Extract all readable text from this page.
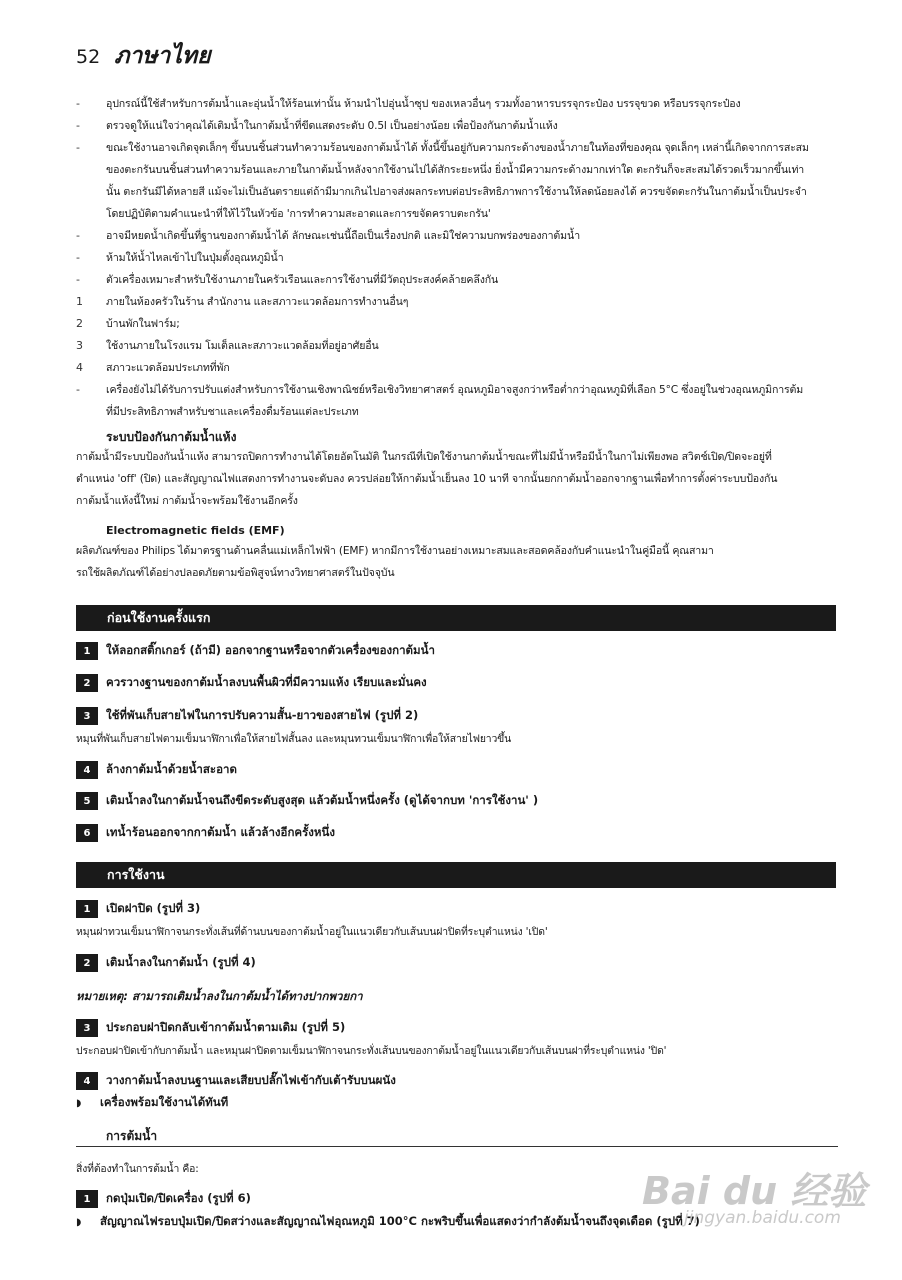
52 ภาษาไทย
-	อุปกรณ์นี้ใช้สำหรับการต้มน้ำและอุ่นน้ำให้ร้อนเท่านั้น ห้ามนำไปอุ่นน้ำซุป ของเหลวอื่นๆ รวมทั้งอาหารบรรจุกระป๋อง บรรจุขวด หรือบรรจุกระป๋อง
-	ตรวจดูให้แน่ใจว่าคุณได้เติมน้ำในกาต้มน้ำที่ขีดแสดงระดับ 0.5l เป็นอย่างน้อย เพื่อป้องกันกาต้มน้ำแห้ง
-	ขณะใช้งานอาจเกิดจุดเล็กๆ ขึ้นบนชิ้นส่วนทำความร้อนของกาต้มน้ำได้ ทั้งนี้ขึ้นอยู่กับความกระด้างของน้ำภายในท้องที่ของคุณ จุดเล็กๆ เหล่านี้เกิดจากการสะสม
ของตะกรันบนชิ้นส่วนทำความร้อนและภายในกาต้มน้ำหลังจากใช้งานไปได้สักระยะหนึ่ง ยิ่งน้ำมีความกระด้างมากเท่าใด ตะกรันก็จะสะสมได้รวดเร็วมากขึ้นเท่า
นั้น ตะกรันมีได้หลายสี แม้จะไม่เป็นอันตรายแต่ถ้ามีมากเกินไปอาจส่งผลกระทบต่อประสิทธิภาพการใช้งานให้ลดน้อยลงได้ ควรขจัดตะกรันในกาต้มน้ำเป็นประจำ
โดยปฏิบัติตามคำแนะนำที่ให้ไว้ในหัวข้อ 'การทำความสะอาดและการขจัดคราบตะกรัน'
-	อาจมีหยดน้ำเกิดขึ้นที่ฐานของกาต้มน้ำได้ ลักษณะเช่นนี้ถือเป็นเรื่องปกติ และมิใช่ความบกพร่องของกาต้มน้ำ
-	ห้ามให้น้ำไหลเข้าไปในปุ่มตั้งอุณหภูมิน้ำ
-	ตัวเครื่องเหมาะสำหรับใช้งานภายในครัวเรือนและการใช้งานที่มีวัตถุประสงค์คล้ายคลึงกัน
1 ภายในห้องครัวในร้าน สำนักงาน และสภาวะแวดล้อมการทำงานอื่นๆ
2 บ้านพักในฟาร์ม;
3 ใช้งานภายในโรงแรม โมเต็ลและสภาวะแวดล้อมที่อยู่อาศัยอื่น
4 สภาวะแวดล้อมประเภทที่พัก
-	เครื่องยังไม่ได้รับการปรับแต่งสำหรับการใช้งานเชิงพาณิชย์หรือเชิงวิทยาศาสตร์ อุณหภูมิอาจสูงกว่าหรือต่ำกว่าอุณหภูมิที่เลือก 5°C ซึ่งอยู่ในช่วงอุณหภูมิการต้ม
ที่มีประสิทธิภาพสำหรับชาและเครื่องดื่มร้อนแต่ละประเภท
ระบบป้องกันกาต้มน้ำแห้ง
กาต้มน้ำมีระบบป้องกันน้ำแห้ง สามารถปิดการทำงานได้โดยอัตโนมัติ ในกรณีที่เปิดใช้งานกาต้มน้ำขณะที่ไม่มีน้ำหรือมีน้ำในกาไม่เพียงพอ สวิตช์เปิด/ปิดจะอยู่ที่
ตำแหน่ง 'off' (ปิด) และสัญญาณไฟแสดงการทำงานจะดับลง ควรปล่อยให้กาต้มน้ำเย็นลง 10 นาที จากนั้นยกกาต้มน้ำออกจากฐานเพื่อทำการตั้งค่าระบบป้องกัน
กาต้มน้ำแห้งนี้ใหม่ กาต้มน้ำจะพร้อมใช้งานอีกครั้ง
Electromagnetic fields (EMF)
ผลิตภัณฑ์ของ Philips ได้มาตรฐานด้านคลื่นแม่เหล็กไฟฟ้า (EMF) หากมีการใช้งานอย่างเหมาะสมและสอดคล้องกับคำแนะนำในคู่มือนี้ คุณสามา
รถใช้ผลิตภัณฑ์ได้อย่างปลอดภัยตามข้อพิสูจน์ทางวิทยาศาสตร์ในปัจจุบัน
ก่อนใช้งานครั้งแรก
1	ให้ลอกสติ๊กเกอร์ (ถ้ามี) ออกจากฐานหรือจากตัวเครื่องของกาต้มน้ำ
2	ควรวางฐานของกาต้มน้ำลงบนพื้นผิวที่มีความแห้ง เรียบและมั่นคง
3	ใช้ที่พันเก็บสายไฟในการปรับความสั้น-ยาวของสายไฟ (รูปที่ 2)
หมุนที่พันเก็บสายไฟตามเข็มนาฬิกาเพื่อให้สายไฟสั้นลง และหมุนทวนเข็มนาฬิกาเพื่อให้สายไฟยาวขึ้น
4	ล้างกาต้มน้ำด้วยน้ำสะอาด
5	เติมน้ำลงในกาต้มน้ำจนถึงขีดระดับสูงสุด แล้วต้มน้ำหนึ่งครั้ง (ดูได้จากบท 'การใช้งาน' )
6	เทน้ำร้อนออกจากกาต้มน้ำ แล้วล้างอีกครั้งหนึ่ง
การใช้งาน
1	เปิดฝาปิด (รูปที่ 3)
หมุนฝาทวนเข็มนาฬิกาจนกระทั่งเส้นที่ด้านบนของกาต้มน้ำอยู่ในแนวเดียวกับเส้นบนฝาปิดที่ระบุตำแหน่ง 'เปิด'
2	เติมน้ำลงในกาต้มน้ำ (รูปที่ 4)
หมายเหตุ: สามารถเติมน้ำลงในกาต้มน้ำได้ทางปากพวยกา
3	ประกอบฝาปิดกลับเข้ากาต้มน้ำตามเดิม (รูปที่ 5)
ประกอบฝาปิดเข้ากับกาต้มน้ำ และหมุนฝาปิดตามเข็มนาฬิกาจนกระทั่งเส้นบนของกาต้มน้ำอยู่ในแนวเดียวกับเส้นบนฝาที่ระบุตำแหน่ง 'ปิด'
4	วางกาต้มน้ำลงบนฐานและเสียบปลั๊กไฟเข้ากับเต้ารับบนผนัง
◗	เครื่องพร้อมใช้งานได้ทันที
การต้มน้ำ
สิ่งที่ต้องทำในการต้มน้ำ คือ:
1	กดปุ่มเปิด/ปิดเครื่อง (รูปที่ 6)
◗	สัญญาณไฟรอบปุ่มเปิด/ปิดสว่างและสัญญาณไฟอุณหภูมิ 100°C กะพริบขึ้นเพื่อแสดงว่ากำลังต้มน้ำจนถึงจุดเดือด (รูปที่ 7)
Bai du 经验
jingyan.baidu.com
